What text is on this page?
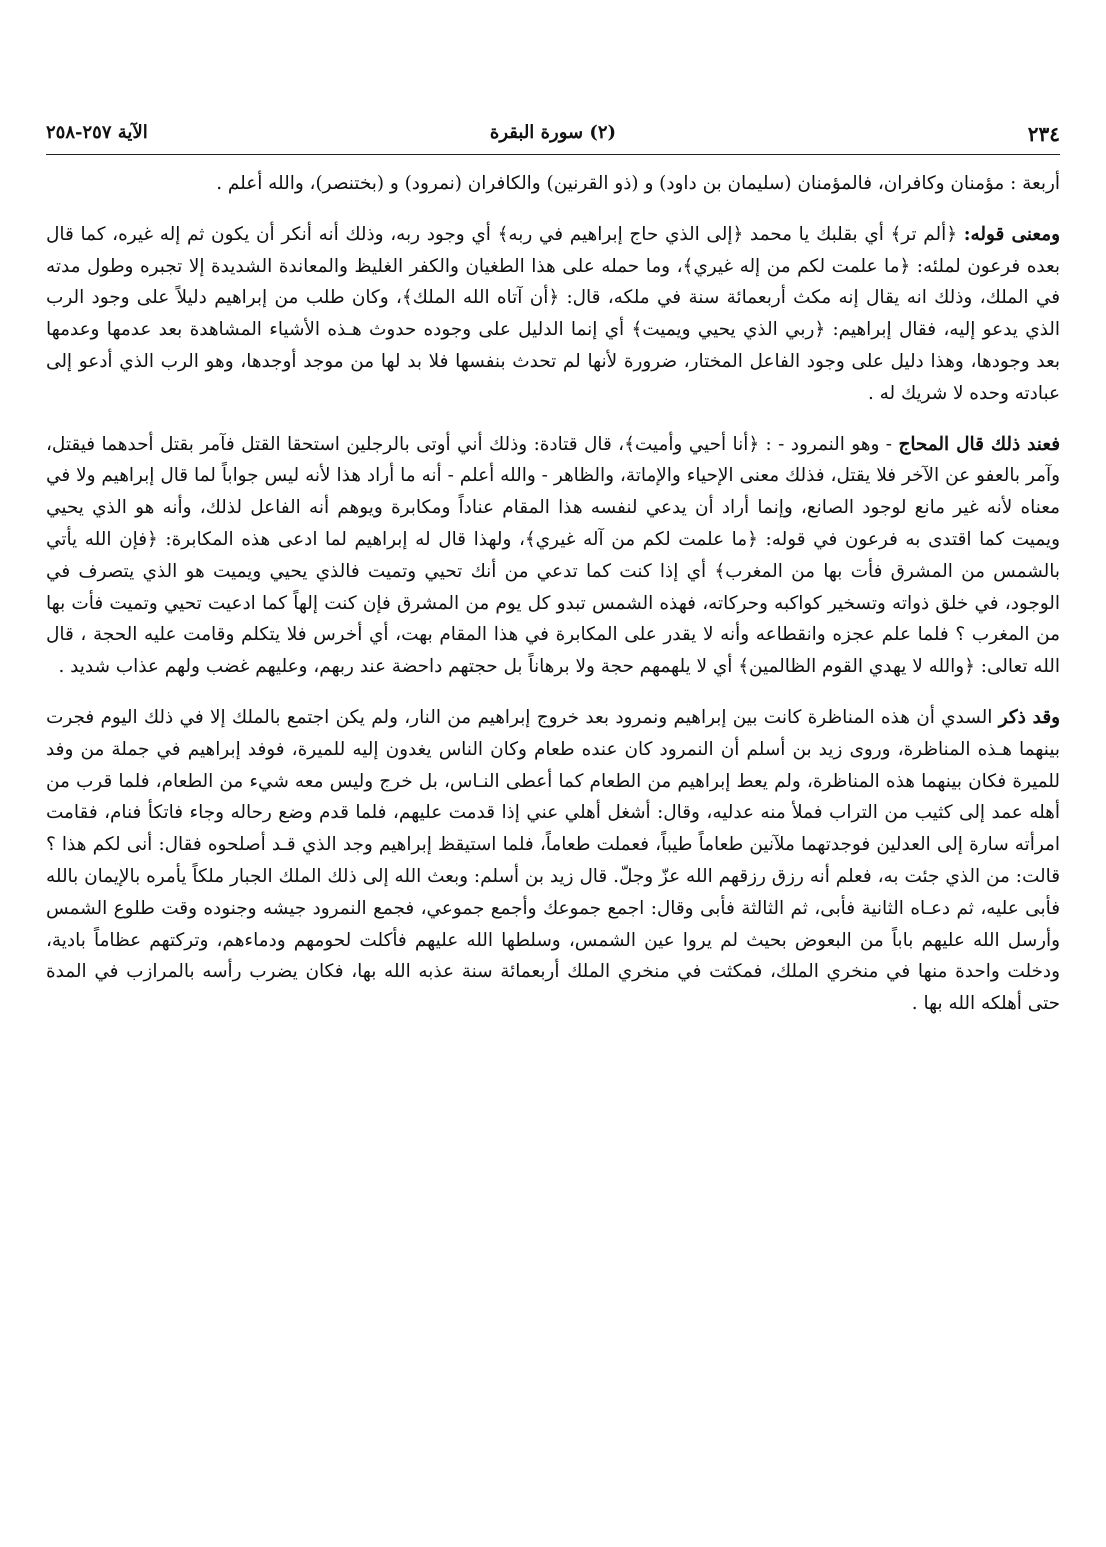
٢٣٤
(٢) سورة البقرة
الآية ٢٥٧-٢٥٨

أربعة : مؤمنان وكافران، فالمؤمنان (سليمان بن داود) و (ذو القرنين) والكافران (نمرود) و (بختنصر)، والله أعلم .

ومعنى قوله: ﴿ألم تر﴾ أي بقلبك يا محمد ﴿إلى الذي حاج إبراهيم في ربه﴾ أي وجود ربه، وذلك أنه أنكر أن يكون ثم إله غيره، كما قال بعده فرعون لملئه: ﴿ما علمت لكم من إله غيري﴾، وما حمله على هذا الطغيان والكفر الغليظ والمعاندة الشديدة إلا تجبره وطول مدته في الملك، وذلك انه يقال إنه مكث أربعمائة سنة في ملكه، قال: ﴿أن آتاه الله الملك﴾، وكان طلب من إبراهيم دليلاً على وجود الرب الذي يدعو إليه، فقال إبراهيم: ﴿ربي الذي يحيي ويميت﴾ أي إنما الدليل على وجوده حدوث هـذه الأشياء المشاهدة بعد عدمها وعدمها بعد وجودها، وهذا دليل على وجود الفاعل المختار، ضرورة لأنها لم تحدث بنفسها فلا بد لها من موجد أوجدها، وهو الرب الذي أدعو إلى عبادته وحده لا شريك له .

فعند ذلك قال المحاج - وهو النمرود - : ﴿أنا أحيي وأميت﴾، قال قتادة: وذلك أني أوتى بالرجلين استحقا القتل فآمر بقتل أحدهما فيقتل، وآمر بالعفو عن الآخر فلا يقتل، فذلك معنى الإحياء والإماتة، والظاهر - والله أعلم - أنه ما أراد هذا لأنه ليس جواباً لما قال إبراهيم ولا في معناه لأنه غير مانع لوجود الصانع، وإنما أراد أن يدعي لنفسه هذا المقام عناداً ومكابرة ويوهم أنه الفاعل لذلك، وأنه هو الذي يحيي ويميت كما اقتدى به فرعون في قوله: ﴿ما علمت لكم من آله غيري﴾، ولهذا قال له إبراهيم لما ادعى هذه المكابرة: ﴿فإن الله يأتي بالشمس من المشرق فأت بها من المغرب﴾ أي إذا كنت كما تدعي من أنك تحيي وتميت فالذي يحيي ويميت هو الذي يتصرف في الوجود، في خلق ذواته وتسخير كواكبه وحركاته، فهذه الشمس تبدو كل يوم من المشرق فإن كنت إلهاً كما ادعيت تحيي وتميت فأت بها من المغرب ؟ فلما علم عجزه وانقطاعه وأنه لا يقدر على المكابرة في هذا المقام بهت، أي أخرس فلا يتكلم وقامت عليه الحجة ، قال الله تعالى: ﴿والله لا يهدي القوم الظالمين﴾ أي لا يلهمهم حجة ولا برهاناً بل حجتهم داحضة عند ربهم، وعليهم غضب ولهم عذاب شديد .

وقد ذكر السدي أن هذه المناظرة كانت بين إبراهيم ونمرود بعد خروج إبراهيم من النار، ولم يكن اجتمع بالملك إلا في ذلك اليوم فجرت بينهما هـذه المناظرة، وروى زيد بن أسلم أن النمرود كان عنده طعام وكان الناس يغدون إليه للميرة، فوفد إبراهيم في جملة من وفد للميرة فكان بينهما هذه المناظرة، ولم يعط إبراهيم من الطعام كما أعطى النـاس، بل خرج وليس معه شيء من الطعام، فلما قرب من أهله عمد إلى كثيب من التراب فملأ منه عدليه، وقال: أشغل أهلي عني إذا قدمت عليهم، فلما قدم وضع رحاله وجاء فاتكأ فنام، فقامت امرأته سارة إلى العدلين فوجدتهما ملآنين طعاماً طيباً، فعملت طعاماً، فلما استيقظ إبراهيم وجد الذي قـد أصلحوه فقال: أنى لكم هذا ؟ قالت: من الذي جئت به، فعلم أنه رزق رزقهم الله عزّ وجلّ. قال زيد بن أسلم: وبعث الله إلى ذلك الملك الجبار ملكاً يأمره بالإيمان بالله فأبى عليه، ثم دعـاه الثانية فأبى، ثم الثالثة فأبى وقال: اجمع جموعك وأجمع جموعي، فجمع النمرود جيشه وجنوده وقت طلوع الشمس وأرسل الله عليهم باباً من البعوض بحيث لم يروا عين الشمس، وسلطها الله عليهم فأكلت لحومهم ودماءهم، وتركتهم عظاماً بادية، ودخلت واحدة منها في منخري الملك، فمكثت في منخري الملك أربعمائة سنة عذبه الله بها، فكان يضرب رأسه بالمرازب في المدة حتى أهلكه الله بها .
